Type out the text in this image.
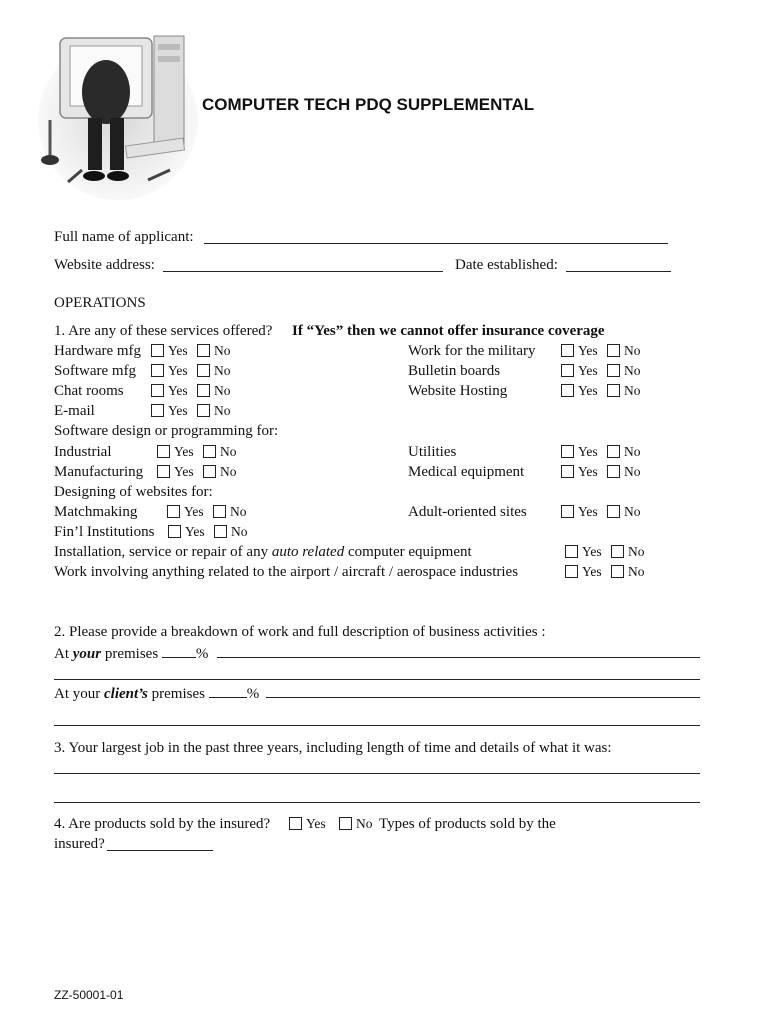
COMPUTER TECH PDQ SUPPLEMENTAL
Full name of applicant:
Website address:	Date established:
OPERATIONS
1. Are any of these services offered? If “Yes” then we cannot offer insurance coverage
Hardware mfg	Yes No
Software mfg	Yes No
Chat rooms	Yes No
E-mail	Yes No
Work for the military	Yes No
Bulletin boards	Yes No
Website Hosting	Yes No
Software design or programming for:
Industrial	Yes No
Manufacturing	Yes No
Utilities	Yes No
Medical equipment	Yes No
Designing of websites for:
Matchmaking	Yes No
Fin’l Institutions	Yes No
Adult-oriented sites	Yes No
Installation, service or repair of any auto related computer equipment	Yes No
Work involving anything related to the airport / aircraft / aerospace industries	Yes No
2. Please provide a breakdown of work and full description of business activities :
At your premises	%
At your client’s premises	%
3. Your largest job in the past three years, including length of time and details of what it was:
4. Are products sold by the insured?	Yes No Types of products sold by the
insured?
ZZ-50001-01
